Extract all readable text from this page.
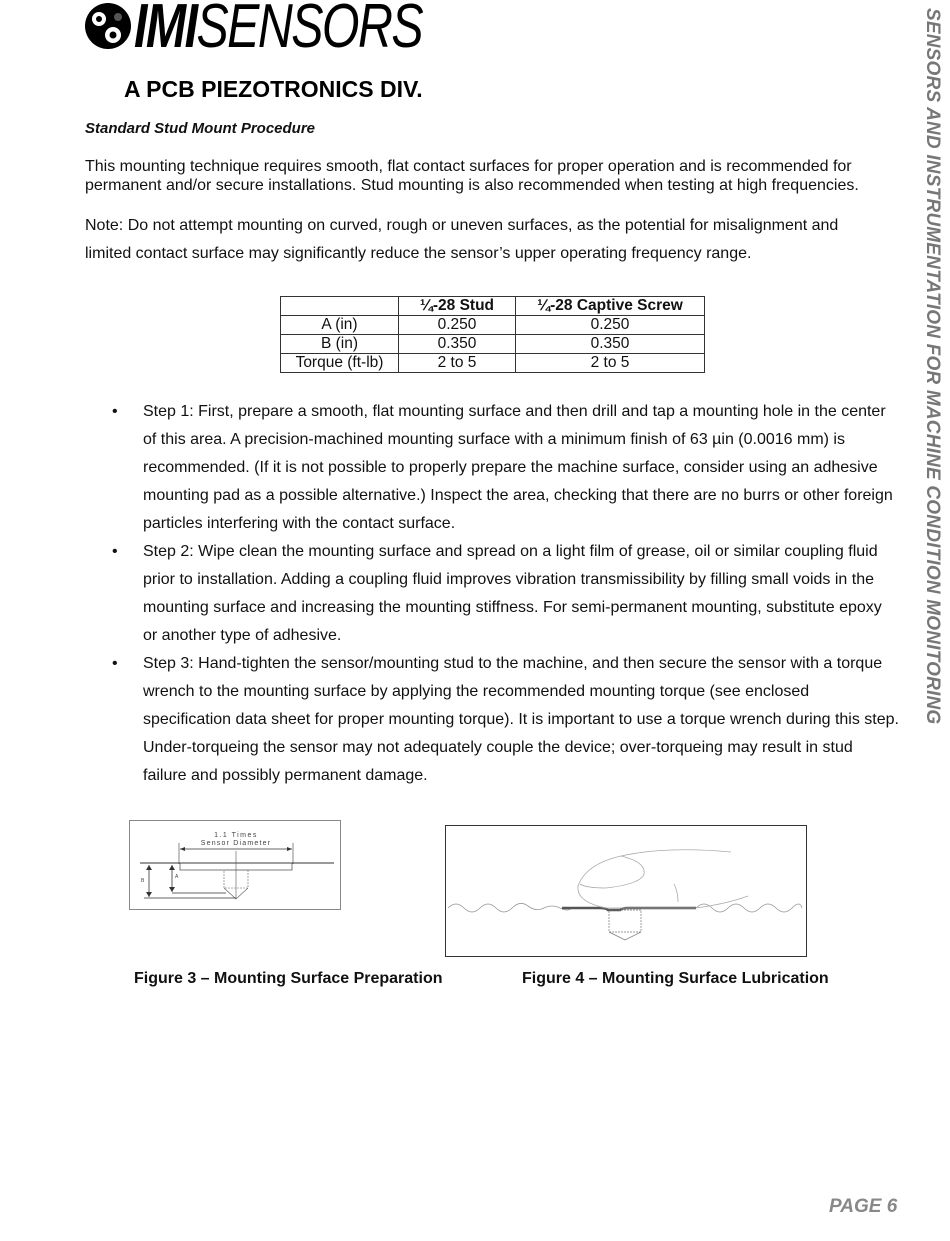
IMISENSORS
A PCB PIEZOTRONICS DIV.
Standard Stud Mount Procedure
This mounting technique requires smooth, flat contact surfaces for proper operation and is recommended for permanent and/or secure installations. Stud mounting is also recommended when testing at high frequencies.
Note: Do not attempt mounting on curved, rough or uneven surfaces, as the potential for misalignment and limited contact surface may significantly reduce the sensor’s upper operating frequency range.
	¼-28 Stud	¼-28 Captive Screw
A (in)	0.250	0.250
B (in)	0.350	0.350
Torque (ft-lb)	2 to 5	2 to 5
• Step 1: First, prepare a smooth, flat mounting surface and then drill and tap a mounting hole in the center of this area. A precision-machined mounting surface with a minimum finish of 63 µin (0.0016 mm) is recommended. (If it is not possible to properly prepare the machine surface, consider using an adhesive mounting pad as a possible alternative.) Inspect the area, checking that there are no burrs or other foreign particles interfering with the contact surface.
• Step 2: Wipe clean the mounting surface and spread on a light film of grease, oil or similar coupling fluid prior to installation. Adding a coupling fluid improves vibration transmissibility by filling small voids in the mounting surface and increasing the mounting stiffness. For semi-permanent mounting, substitute epoxy or another type of adhesive.
• Step 3: Hand-tighten the sensor/mounting stud to the machine, and then secure the sensor with a torque wrench to the mounting surface by applying the recommended mounting torque (see enclosed specification data sheet for proper mounting torque). It is important to use a torque wrench during this step. Under-torqueing the sensor may not adequately couple the device; over-torqueing may result in stud failure and possibly permanent damage.
1.1 Times
Sensor Diameter
B
A
Figure 3 – Mounting Surface Preparation	Figure 4 – Mounting Surface Lubrication
SENSORS AND INSTRUMENTATION FOR MACHINE CONDITION MONITORING
PAGE 6
